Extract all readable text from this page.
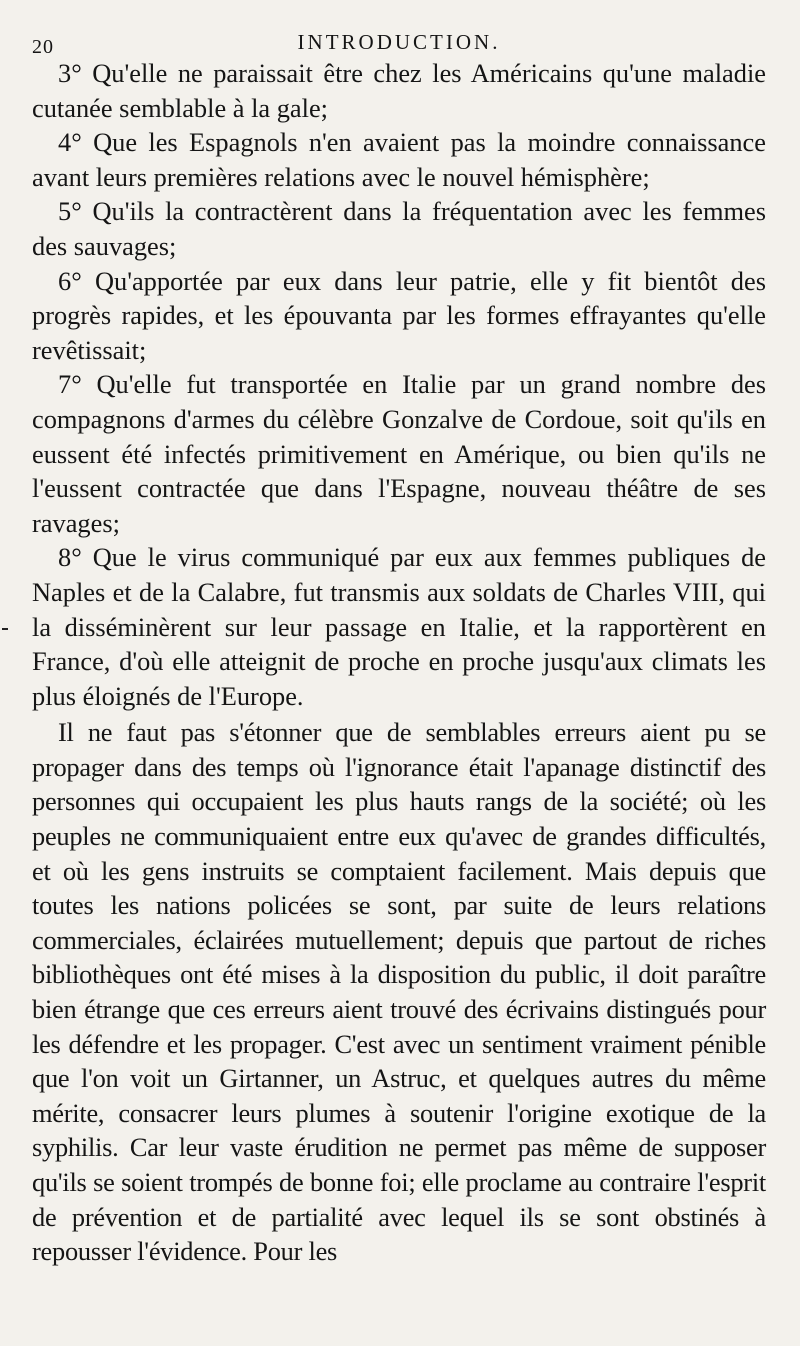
20	INTRODUCTION.

3° Qu'elle ne paraissait être chez les Américains qu'une maladie cutanée semblable à la gale;

4° Que les Espagnols n'en avaient pas la moindre connaissance avant leurs premières relations avec le nouvel hémisphère;

5° Qu'ils la contractèrent dans la fréquentation avec les femmes des sauvages;

6° Qu'apportée par eux dans leur patrie, elle y fit bientôt des progrès rapides, et les épouvanta par les formes effrayantes qu'elle revêtissait;

7° Qu'elle fut transportée en Italie par un grand nombre des compagnons d'armes du célèbre Gonzalve de Cordoue, soit qu'ils en eussent été infectés primitivement en Amérique, ou bien qu'ils ne l'eussent contractée que dans l'Espagne, nouveau théâtre de ses ravages;

8° Que le virus communiqué par eux aux femmes publiques de Naples et de la Calabre, fut transmis aux soldats de Charles VIII, qui la disséminèrent sur leur passage en Italie, et la rapportèrent en France, d'où elle atteignit de proche en proche jusqu'aux climats les plus éloignés de l'Europe.

Il ne faut pas s'étonner que de semblables erreurs aient pu se propager dans des temps où l'ignorance était l'apanage distinctif des personnes qui occupaient les plus hauts rangs de la société; où les peuples ne communiquaient entre eux qu'avec de grandes difficultés, et où les gens instruits se comptaient facilement. Mais depuis que toutes les nations policées se sont, par suite de leurs relations commerciales, éclairées mutuellement; depuis que partout de riches bibliothèques ont été mises à la disposition du public, il doit paraître bien étrange que ces erreurs aient trouvé des écrivains distingués pour les défendre et les propager. C'est avec un sentiment vraiment pénible que l'on voit un Girtanner, un Astruc, et quelques autres du même mérite, consacrer leurs plumes à soutenir l'origine exotique de la syphilis. Car leur vaste érudition ne permet pas même de supposer qu'ils se soient trompés de bonne foi; elle proclame au contraire l'esprit de prévention et de partialité avec lequel ils se sont obstinés à repousser l'évidence. Pour les
